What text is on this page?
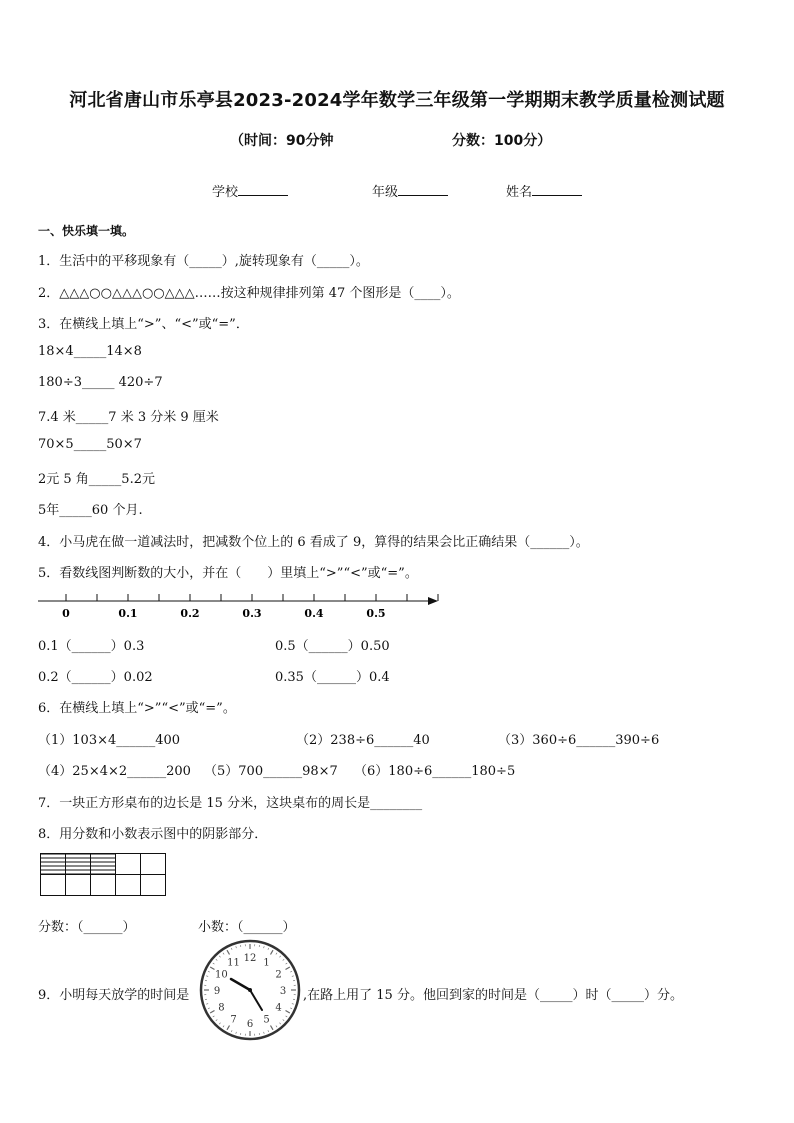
河北省唐山市乐亭县2023-2024学年数学三年级第一学期期末教学质量检测试题
（时间：90分钟	分数：100分）
学校	年级	姓名
一、快乐填一填。
1．生活中的平移现象有（_____）,旋转现象有（_____）。
2．△△△○○△△△○○△△△……按这种规律排列第 47 个图形是（____）。
3．在横线上填上“>”、“<”或“=”．
18×4_____14×8
180÷3_____ 420÷7
7.4 米_____7 米 3 分米 9 厘米
70×5_____50×7
2元 5 角_____5.2元
5年_____60 个月.
4．小马虎在做一道减法时，把减数个位上的 6 看成了 9，算得的结果会比正确结果（______）。
5．看数线图判断数的大小，并在（　　）里填上“>”“<”或“=”。
0	0.1	0.2	0.3	0.4	0.5
0.1（______）0.3	0.5（______）0.50
0.2（______）0.02	0.35（______）0.4
6．在横线上填上“>”“<”或“=”。
（1）103×4______400	（2）238÷6______40	（3）360÷6______390÷6
（4）25×4×2______200 （5）700______98×7 （6）180÷6______180÷5
7．一块正方形桌布的边长是 15 分米，这块桌布的周长是________
8．用分数和小数表示图中的阴影部分．

分数：（______）	小数：（______）
9．小明每天放学的时间是
12 1
2
3
4
5
6
7
8
9
10
11
,在路上用了 15 分。他回到家的时间是（_____）时（_____）分。
